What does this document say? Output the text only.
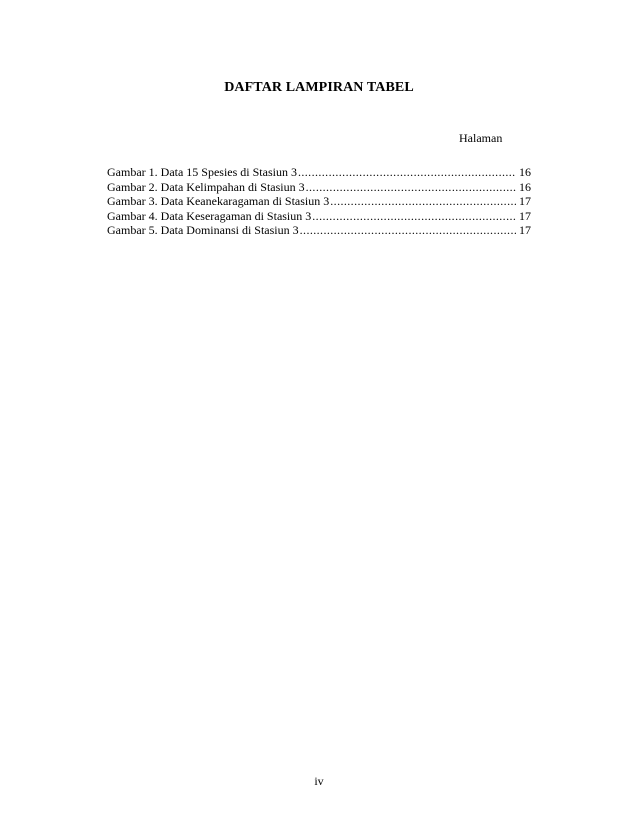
DAFTAR LAMPIRAN TABEL
Halaman
Gambar 1. Data 15 Spesies di Stasiun 3 . . .	16
Gambar 2. Data Kelimpahan di Stasiun 3 . . .	16
Gambar 3. Data Keanekaragaman di Stasiun 3 . . .	17
Gambar 4. Data Keseragaman di Stasiun 3 . . .	17
Gambar 5. Data Dominansi di Stasiun 3 . . .	17
iv
